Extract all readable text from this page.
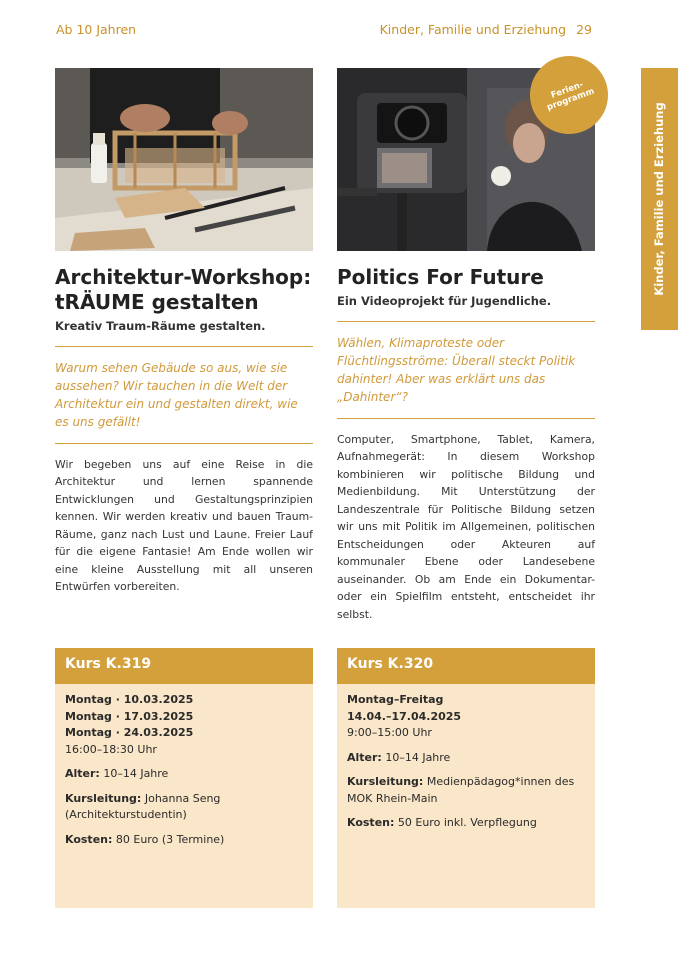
Ab 10 Jahren	Kinder, Familie und Erziehung 29
Kinder, Familie und Erziehung
Architektur-Workshop:
tRÄUME gestalten
Kreativ Traum-Räume gestalten.
Warum sehen Gebäude so aus, wie sie aussehen? Wir tauchen in die Welt der Architektur ein und gestalten direkt, wie es uns gefällt!
Wir begeben uns auf eine Reise in die Architektur und lernen spannende Entwicklungen und Gestaltungsprinzipien kennen. Wir werden kreativ und bauen Traum-Räume, ganz nach Lust und Laune. Freier Lauf für die eigene Fantasie! Am Ende wollen wir eine kleine Ausstellung mit all unseren Entwürfen vorbereiten.
Politics For Future
Ein Videoprojekt für Jugendliche.
Wählen, Klimaproteste oder Flüchtlingsströme: Überall steckt Politik dahinter! Aber was erklärt uns das „Dahinter“?
Computer, Smartphone, Tablet, Kamera, Aufnahmegerät: In diesem Workshop kombinieren wir politische Bildung und Medienbildung. Mit Unterstützung der Landeszentrale für Politische Bildung setzen wir uns mit Politik im Allgemeinen, politischen Entscheidungen oder Akteuren auf kommunaler Ebene oder Landesebene auseinander. Ob am Ende ein Dokumentar- oder ein Spielfilm entsteht, entscheidet ihr selbst.
Ferien-programm
Kurs K.319
Montag · 10.03.2025
Montag · 17.03.2025
Montag · 24.03.2025
16:00–18:30 Uhr
Alter: 10–14 Jahre
Kursleitung: Johanna Seng (Architekturstudentin)
Kosten: 80 Euro (3 Termine)
Kurs K.320
Montag–Freitag
14.04.–17.04.2025
9:00–15:00 Uhr
Alter: 10–14 Jahre
Kursleitung: Medienpädagog*innen des MOK Rhein-Main
Kosten: 50 Euro inkl. Verpflegung
